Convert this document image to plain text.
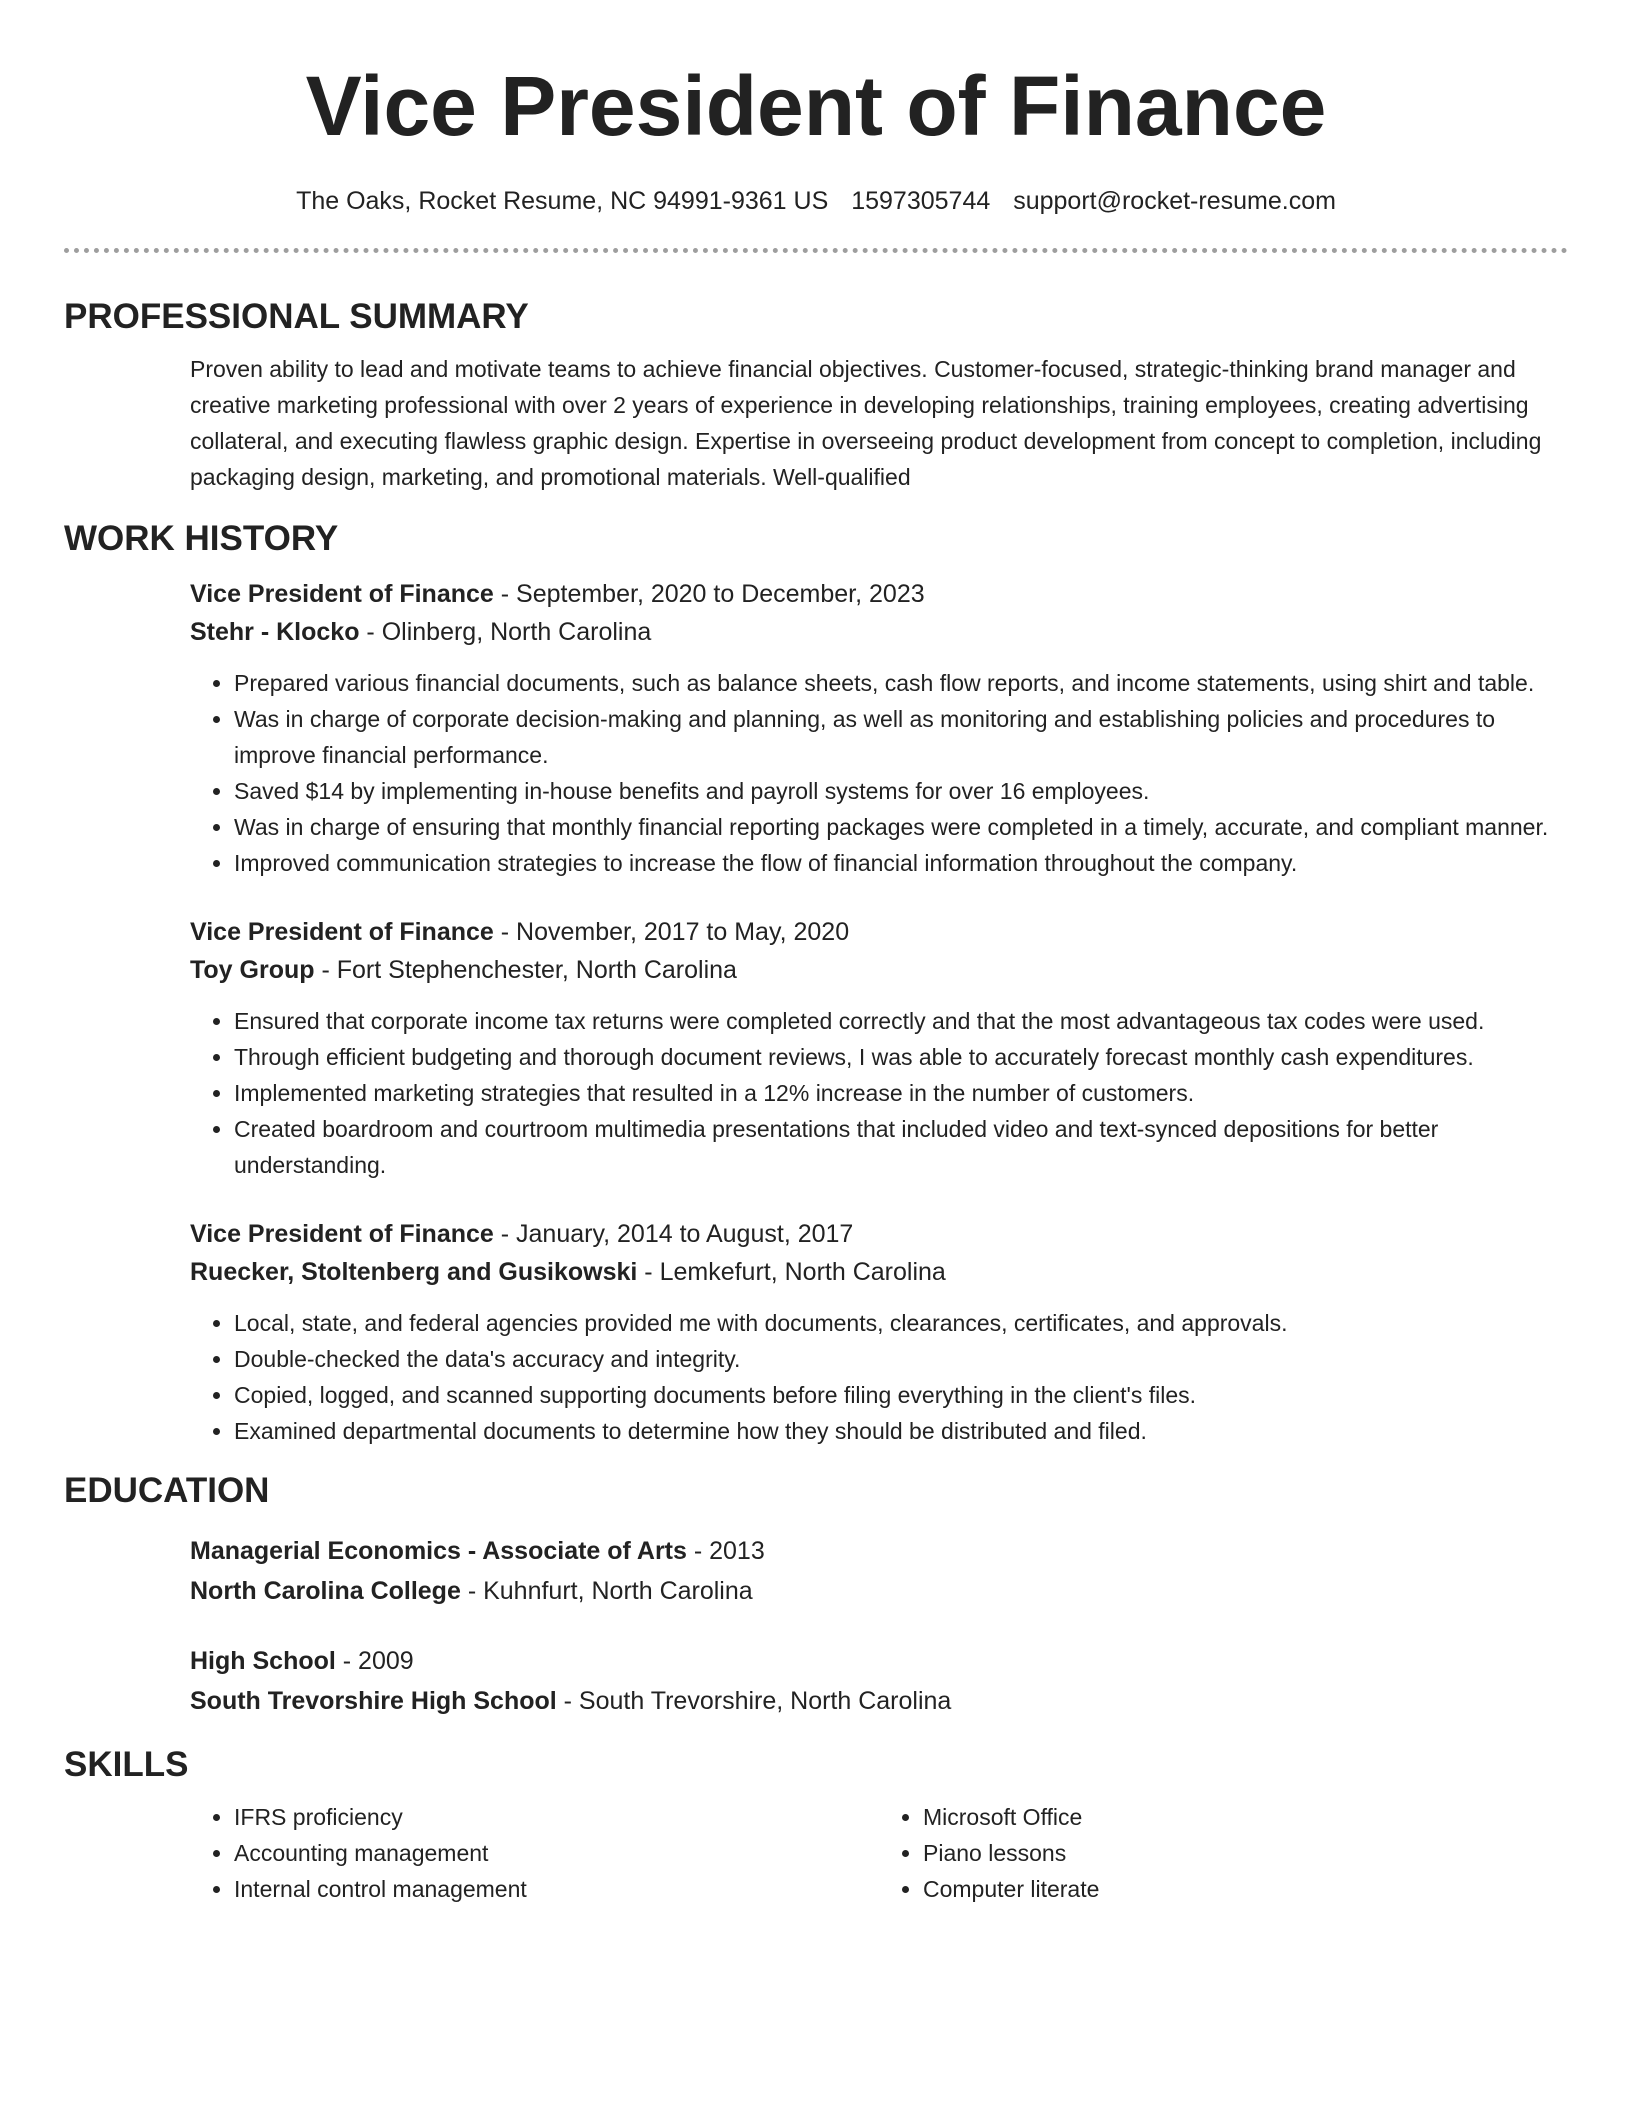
Vice President of Finance
The Oaks, Rocket Resume, NC 94991-9361 US 1597305744 support@rocket-resume.com
PROFESSIONAL SUMMARY

Proven ability to lead and motivate teams to achieve financial objectives. Customer-focused, strategic-thinking brand manager and creative marketing professional with over 2 years of experience in developing relationships, training employees, creating advertising collateral, and executing flawless graphic design. Expertise in overseeing product development from concept to completion, including packaging design, marketing, and promotional materials. Well-qualified

WORK HISTORY

Vice President of Finance - September, 2020 to December, 2023

Stehr - Klocko - Olinberg, North Carolina

• Prepared various financial documents, such as balance sheets, cash flow reports, and income statements, using shirt and table.
• Was in charge of corporate decision-making and planning, as well as monitoring and establishing policies and procedures to improve financial performance.
• Saved $14 by implementing in-house benefits and payroll systems for over 16 employees.
• Was in charge of ensuring that monthly financial reporting packages were completed in a timely, accurate, and compliant manner.
• Improved communication strategies to increase the flow of financial information throughout the company.

Vice President of Finance - November, 2017 to May, 2020

Toy Group - Fort Stephenchester, North Carolina

• Ensured that corporate income tax returns were completed correctly and that the most advantageous tax codes were used.
• Through efficient budgeting and thorough document reviews, I was able to accurately forecast monthly cash expenditures.
• Implemented marketing strategies that resulted in a 12% increase in the number of customers.
• Created boardroom and courtroom multimedia presentations that included video and text-synced depositions for better understanding.

Vice President of Finance - January, 2014 to August, 2017

Ruecker, Stoltenberg and Gusikowski - Lemkefurt, North Carolina

• Local, state, and federal agencies provided me with documents, clearances, certificates, and approvals.
• Double-checked the data's accuracy and integrity.
• Copied, logged, and scanned supporting documents before filing everything in the client's files.
• Examined departmental documents to determine how they should be distributed and filed.
EDUCATION

Managerial Economics - Associate of Arts - 2013

North Carolina College - Kuhnfurt, North Carolina

High School - 2009

South Trevorshire High School - South Trevorshire, North Carolina

SKILLS
• IFRS proficiency
• Accounting management
• Internal control management
• Microsoft Office
• Piano lessons
• Computer literate
